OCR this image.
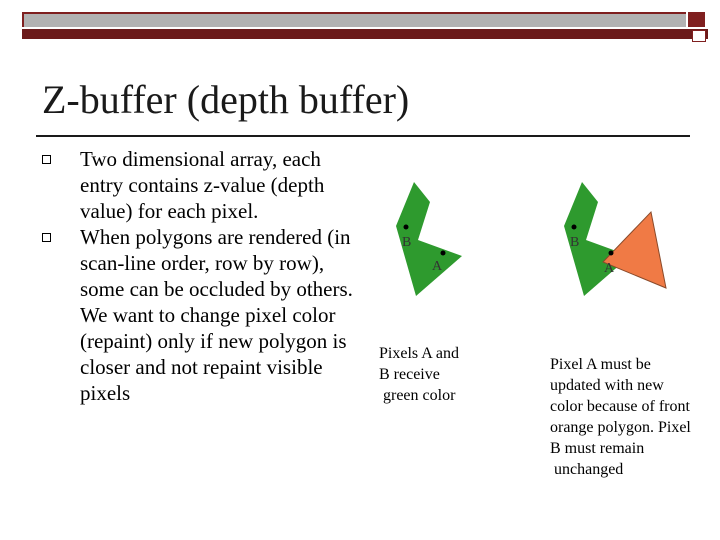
Z-buffer (depth buffer)
Two dimensional array, each entry contains z-value (depth value) for each pixel.
When polygons are rendered (in scan-line order, row by row), some can be occluded by others. We want to change pixel color (repaint) only if new polygon is closer and not repaint visible pixels
B
A
Pixels A and
B receive
green color
B
A
Pixel A must be
updated with new
color because of front
orange polygon. Pixel
B must remain
unchanged
